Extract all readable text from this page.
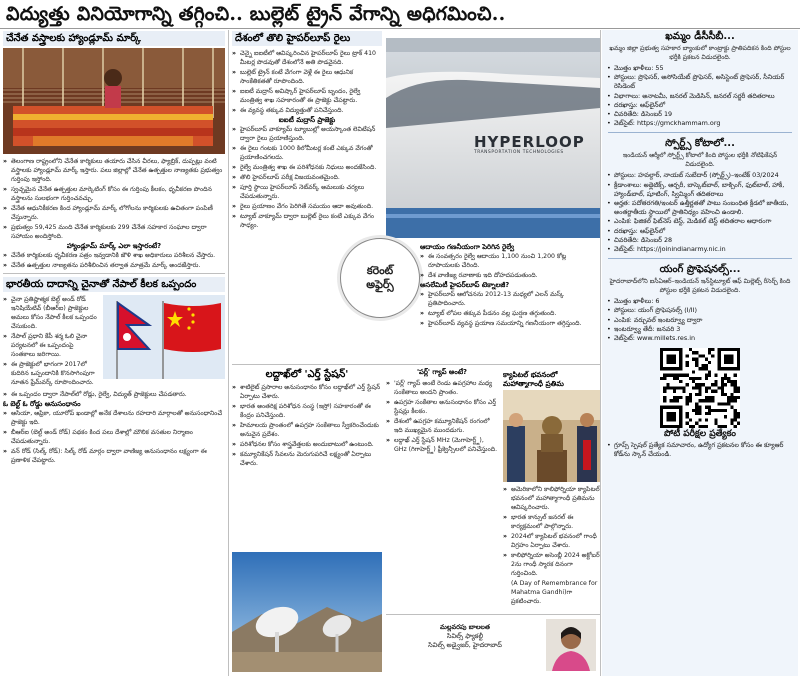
విద్యుత్తు వినియోగాన్ని తగ్గించి.. బుల్లెట్ ట్రైన్ వేగాన్ని అధిగమించి..
చేనేత వస్త్రాలకు హ్యాండ్లూమ్ మార్క్
» తెలంగాణ రాష్ట్రంలోని చేనేత కార్మికులు తయారు చేసిన చీరలు, ఫ్యాబ్రిక్, దుప్పట్లు వంటి వస్త్రాలకు హ్యాండ్లూమ్ మార్క్ ఇస్తారు. పలు జిల్లాల్లో చేనేత ఉత్పత్తుల నాణ్యతకు ప్రభుత్వం గుర్తింపు ఇస్తోంది.
» స్వచ్ఛమైన చేనేత ఉత్పత్తుల మార్కెటింగ్ కోసం ఈ గుర్తింపు కీలకం, ధృవీకరణ పొందిన వస్త్రాలను సులభంగా గుర్తించవచ్చు.
» చేనేత ఆధునికీకరణ కింద హ్యాండ్లూమ్ మార్క్ లోగోలను కార్మికులకు ఉచితంగా పంపిణీ చేస్తున్నారు.
» ప్రభుత్వం 59,425 మంది చేనేత కార్మికులకు 299 చేనేత సహకార సంఘాల ద్వారా సహాయం అందిస్తోంది.
హ్యాండ్లూమ్ మార్క్ ఎలా ఇస్తారంటే?
» చేనేత కార్మికులకు ధృవీకరణ పత్రం ఇవ్వడానికి జౌళి శాఖ అధికారులు పరిశీలన చేస్తారు.
» చేనేత ఉత్పత్తుల నాణ్యతను పరిశీలించిన తర్వాత మాత్రమే మార్క్ అందజేస్తారు.
భారతీయ దాదాన్ని చైనాతో నేపాల్ కీలక ఒప్పందం
» చైనా ప్రతిష్టాత్మక బెల్ట్ అండ్ రోడ్ ఇనిషియేటివ్ (బీఆర్‌ఐ) ప్రాజెక్టుల అమలు కోసం నేపాల్ కీలక ఒప్పందం చేసుకుంది.
» నేపాల్ ప్రధాని కేపీ శర్మ ఓలి చైనా పర్యటనలో ఈ ఒప్పందంపై సంతకాలు జరిగాయి.
» ఈ ప్రాజెక్టులో భాగంగా 2017లో కుదిరిన ఒప్పందానికి కొనసాగింపుగా నూతన ఫ్రేమ్‌వర్క్ రూపొందించారు.
» ఈ ఒప్పందం ద్వారా నేపాల్‌లో రోడ్లు, రైల్వే, విద్యుత్ ప్రాజెక్టులు చేపడతారు.
ఓ బెల్ట్ ఓ రోడ్డు అనుసంధానం
» ఆసియా, ఆఫ్రికా, యూరోప్ ఖండాల్లో అనేక దేశాలను రహదారి మార్గాలతో అనుసంధానించే ప్రాజెక్టు ఇది.
» బీఆర్‌ఐ (బెల్ట్ అండ్ రోడ్) పథకం కింద పలు దేశాల్లో మౌలిక వసతుల నిర్మాణం చేపడుతున్నారు.
» వన్ రోడ్ (సిల్క్ రోడ్): సిల్క్ రోడ్ మార్గం ద్వారా వాణిజ్య అనుసంధానం లక్ష్యంగా ఈ ప్రణాళిక చేపట్టారు.
దేశంలో తొలి హైపర్‌లూప్ రైలు
» చెన్నై ఐఐటీలో ఆవిష్కరించిన హైపర్‌లూప్ రైలు ట్రాక్ 410 మీటర్ల పొడవుతో దేశంలోనే అతి పొడవైనది.
» బుల్లెట్ ట్రైన్ కంటే వేగంగా వెళ్లే ఈ రైలు ఆధునిక సాంకేతికతతో రూపొందింది.
» ఐఐటీ మద్రాస్ అవిష్కార్ హైపర్‌లూప్ బృందం, రైల్వే మంత్రిత్వ శాఖ సహకారంతో ఈ ప్రాజెక్టు చేపట్టారు.
» ఈ వ్యవస్థ తక్కువ విద్యుత్తుతో పనిచేస్తుంది.
ఐఐటీ మద్రాస్ ప్రాజెక్టు
» హైపర్‌లూప్ వాక్యూమ్ ట్యూబుల్లో అయస్కాంత లెవిటేషన్ ద్వారా రైలు ప్రయాణిస్తుంది.
» ఈ రైలు గంటకు 1000 కిలోమీటర్ల కంటే ఎక్కువ వేగంతో ప్రయాణించగలదు.
» రైల్వే మంత్రిత్వ శాఖ ఈ పరిశోధనకు నిధులు అందజేసింది.
» తొలి హైపర్‌లూప్ పరీక్ష విజయవంతమైంది.
» పూర్తి స్థాయి హైపర్‌లూప్ నెట్‌వర్క్ అమలుకు చర్యలు చేపడుతున్నారు.
» రైలు ప్రయాణం వేగం పెరిగితే సమయం ఆదా అవుతుంది.
» ట్యూబ్ వాక్యూమ్ ద్వారా బుల్లెట్ రైలు కంటే ఎక్కువ వేగం సాధ్యం.
HYPERLOOP
TRANSPORTATION TECHNOLOGIES
కరెంట్
అఫైర్స్
ఆదాయం గణనీయంగా పెరిగిన రైల్వే
» ఈ సంవత్సరం రైల్వే ఆదాయం 1,100 నుంచి 1,200 కోట్ల రూపాయలకు చేరింది.
» దేశ వాణిజ్య రవాణాకు ఇది దోహదపడుతుంది.
అసలేమిటీ హైపర్‌లూప్ టెక్నాలజీ?
» హైపర్‌లూప్ ఆలోచనను 2012-13 మధ్యలో ఎలన్ మస్క్ ప్రతిపాదించారు.
» ట్యూబ్ లోపల తక్కువ పీడనం వల్ల ఘర్షణ తగ్గుతుంది.
» హైపర్‌లూప్ వ్యవస్థ ప్రయాణ సమయాన్ని గణనీయంగా తగ్గిస్తుంది.
లద్దాఖ్‌లో 'ఎర్త్ స్టేషన్'
» శాటిలైట్ ప్రసారాల అనుసంధానం కోసం లద్దాఖ్‌లో ఎర్త్ స్టేషన్ ఏర్పాటు చేశారు.
» భారత అంతరిక్ష పరిశోధన సంస్థ (ఇస్రో) సహకారంతో ఈ కేంద్రం పనిచేస్తుంది.
» హిమాలయ ప్రాంతంలో ఉపగ్రహ సంకేతాలు స్వీకరించేందుకు అనువైన ప్రదేశం.
» పరిశోధనల కోసం శాస్త్రవేత్తలకు అందుబాటులో ఉంటుంది.
» కమ్యూనికేషన్ సేవలను మెరుగుపరిచే లక్ష్యంతో ఏర్పాటు చేశారు.
'పర్ల్' గ్యాప్ అంటే?
» 'పర్ల్' గ్యాప్ అంటే రెండు ఉపగ్రహాల మధ్య సంకేతాలు అందని ప్రాంతం.
» ఉపగ్రహ సంకేతాల అనుసంధానం కోసం ఎర్త్ స్టేషన్లు కీలకం.
» దేశంలో ఉపగ్రహ కమ్యూనికేషన్ రంగంలో ఇది ముఖ్యమైన ముందడుగు.
» లద్దాఖ్ ఎర్త్ స్టేషన్ MHz (మెగాహెర్ట్జ్), GHz (గిగాహెర్ట్జ్) ఫ్రీక్వెన్సీలలో పనిచేస్తుంది.
క్యాపిటల్ భవనంలో మహాత్మాగాంధీ ప్రతిమ
» అమెరికాలోని కాలిఫోర్నియా క్యాపిటల్ భవనంలో మహాత్మాగాంధీ ప్రతిమను ఆవిష్కరించారు.
» భారత కాన్సుల్ జనరల్ ఈ కార్యక్రమంలో పాల్గొన్నారు.
» 2024లో క్యాపిటల్ భవనంలో గాంధీ విగ్రహం ఏర్పాటు చేశారు.
» కాలిఫోర్నియా అసెంబ్లీ 2024 అక్టోబర్ 2ను గాంధీ స్మారక దినంగా గుర్తించింది.
(A Day of Remembrance for Mahatma Gandhi)గా ప్రకటించారు.
మల్లవరపు బాలలత
సివిల్స్ ఫ్యాకల్టీ
సివిల్స్ అడ్వైజర్, హైదరాబాద్
ఖమ్మం డీసీసీబీ...
ఖమ్మం జిల్లా ప్రభుత్వ సహకార బ్యాంకులో కాంట్రాక్టు ప్రాతిపదికన కింది పోస్టుల భర్తీకి ప్రకటన విడుదలైంది.
• మొత్తం ఖాళీలు: 55
• పోస్టులు: ప్రొఫెసర్, అసోసియేట్ ప్రొఫెసర్, అసిస్టెంట్ ప్రొఫెసర్, సీనియర్ రెసిడెంట్
• విభాగాలు: అనాటమీ, జనరల్ మెడిసిన్, జనరల్ సర్జరీ తదితరాలు
• దరఖాస్తు: ఆఫ్‌లైన్‌లో
• చివరితేది: డిసెంబర్ 19
• వెబ్‌సైట్: https://gmckhammam.org
స్పోర్ట్స్ కోటాలో...
ఇండియన్ ఆర్మీలో స్పోర్ట్స్ కోటాలో కింది పోస్టుల భర్తీకి నోటిఫికేషన్ విడుదలైంది.
• పోస్టులు: హవల్దార్, నాయబ్ సుబేదార్ (స్పోర్ట్స్)–ఇంటేక్ 03/2024
• క్రీడాంశాలు: అథ్లెటిక్స్, ఆర్చరీ, బాస్కెట్‌బాల్, బాక్సింగ్, ఫుట్‌బాల్, హాకీ, హ్యాండ్‌బాల్, షూటింగ్, స్విమ్మింగ్ తదితరాలు
• అర్హత: పదోతరగతి/ఇంటర్ ఉత్తీర్ణతతో పాటు సంబంధిత క్రీడలో జాతీయ, అంతర్జాతీయ స్థాయిలో ప్రాతినిధ్యం వహించి ఉండాలి.
• ఎంపిక: ఫిజికల్ ఫిట్‌నెస్ టెస్ట్, మెడికల్ టెస్ట్ తదితరాల ఆధారంగా
• దరఖాస్తు: ఆఫ్‌లైన్‌లో
• చివరితేది: డిసెంబర్ 28
• వెబ్‌సైట్: https://joinindianarmy.nic.in
యంగ్ ప్రొఫెషనల్స్...
హైదరాబాద్‌లోని ఐసీఏఆర్–ఇండియన్ ఇన్‌స్టిట్యూట్ ఆఫ్ మిల్లెట్స్ రీసెర్చ్ కింది పోస్టుల భర్తీకి ప్రకటన విడుదలైంది.
• మొత్తం ఖాళీలు: 6
• పోస్టులు: యంగ్ ప్రొఫెషనల్స్ (I/II)
• ఎంపిక: వర్చువల్ ఇంటర్వ్యూ ద్వారా
• ఇంటర్వ్యూ తేదీ: జనవరి 3
• వెబ్‌సైట్: www.millets.res.in
పోటీ పరీక్షల ప్రత్యేకం
• గ్రూప్స్ స్పెషల్ ప్రత్యేక సమాచారం, ఉద్యోగ ప్రకటనల కోసం ఈ క్యూఆర్ కోడ్‌ను స్కాన్ చేయండి.
